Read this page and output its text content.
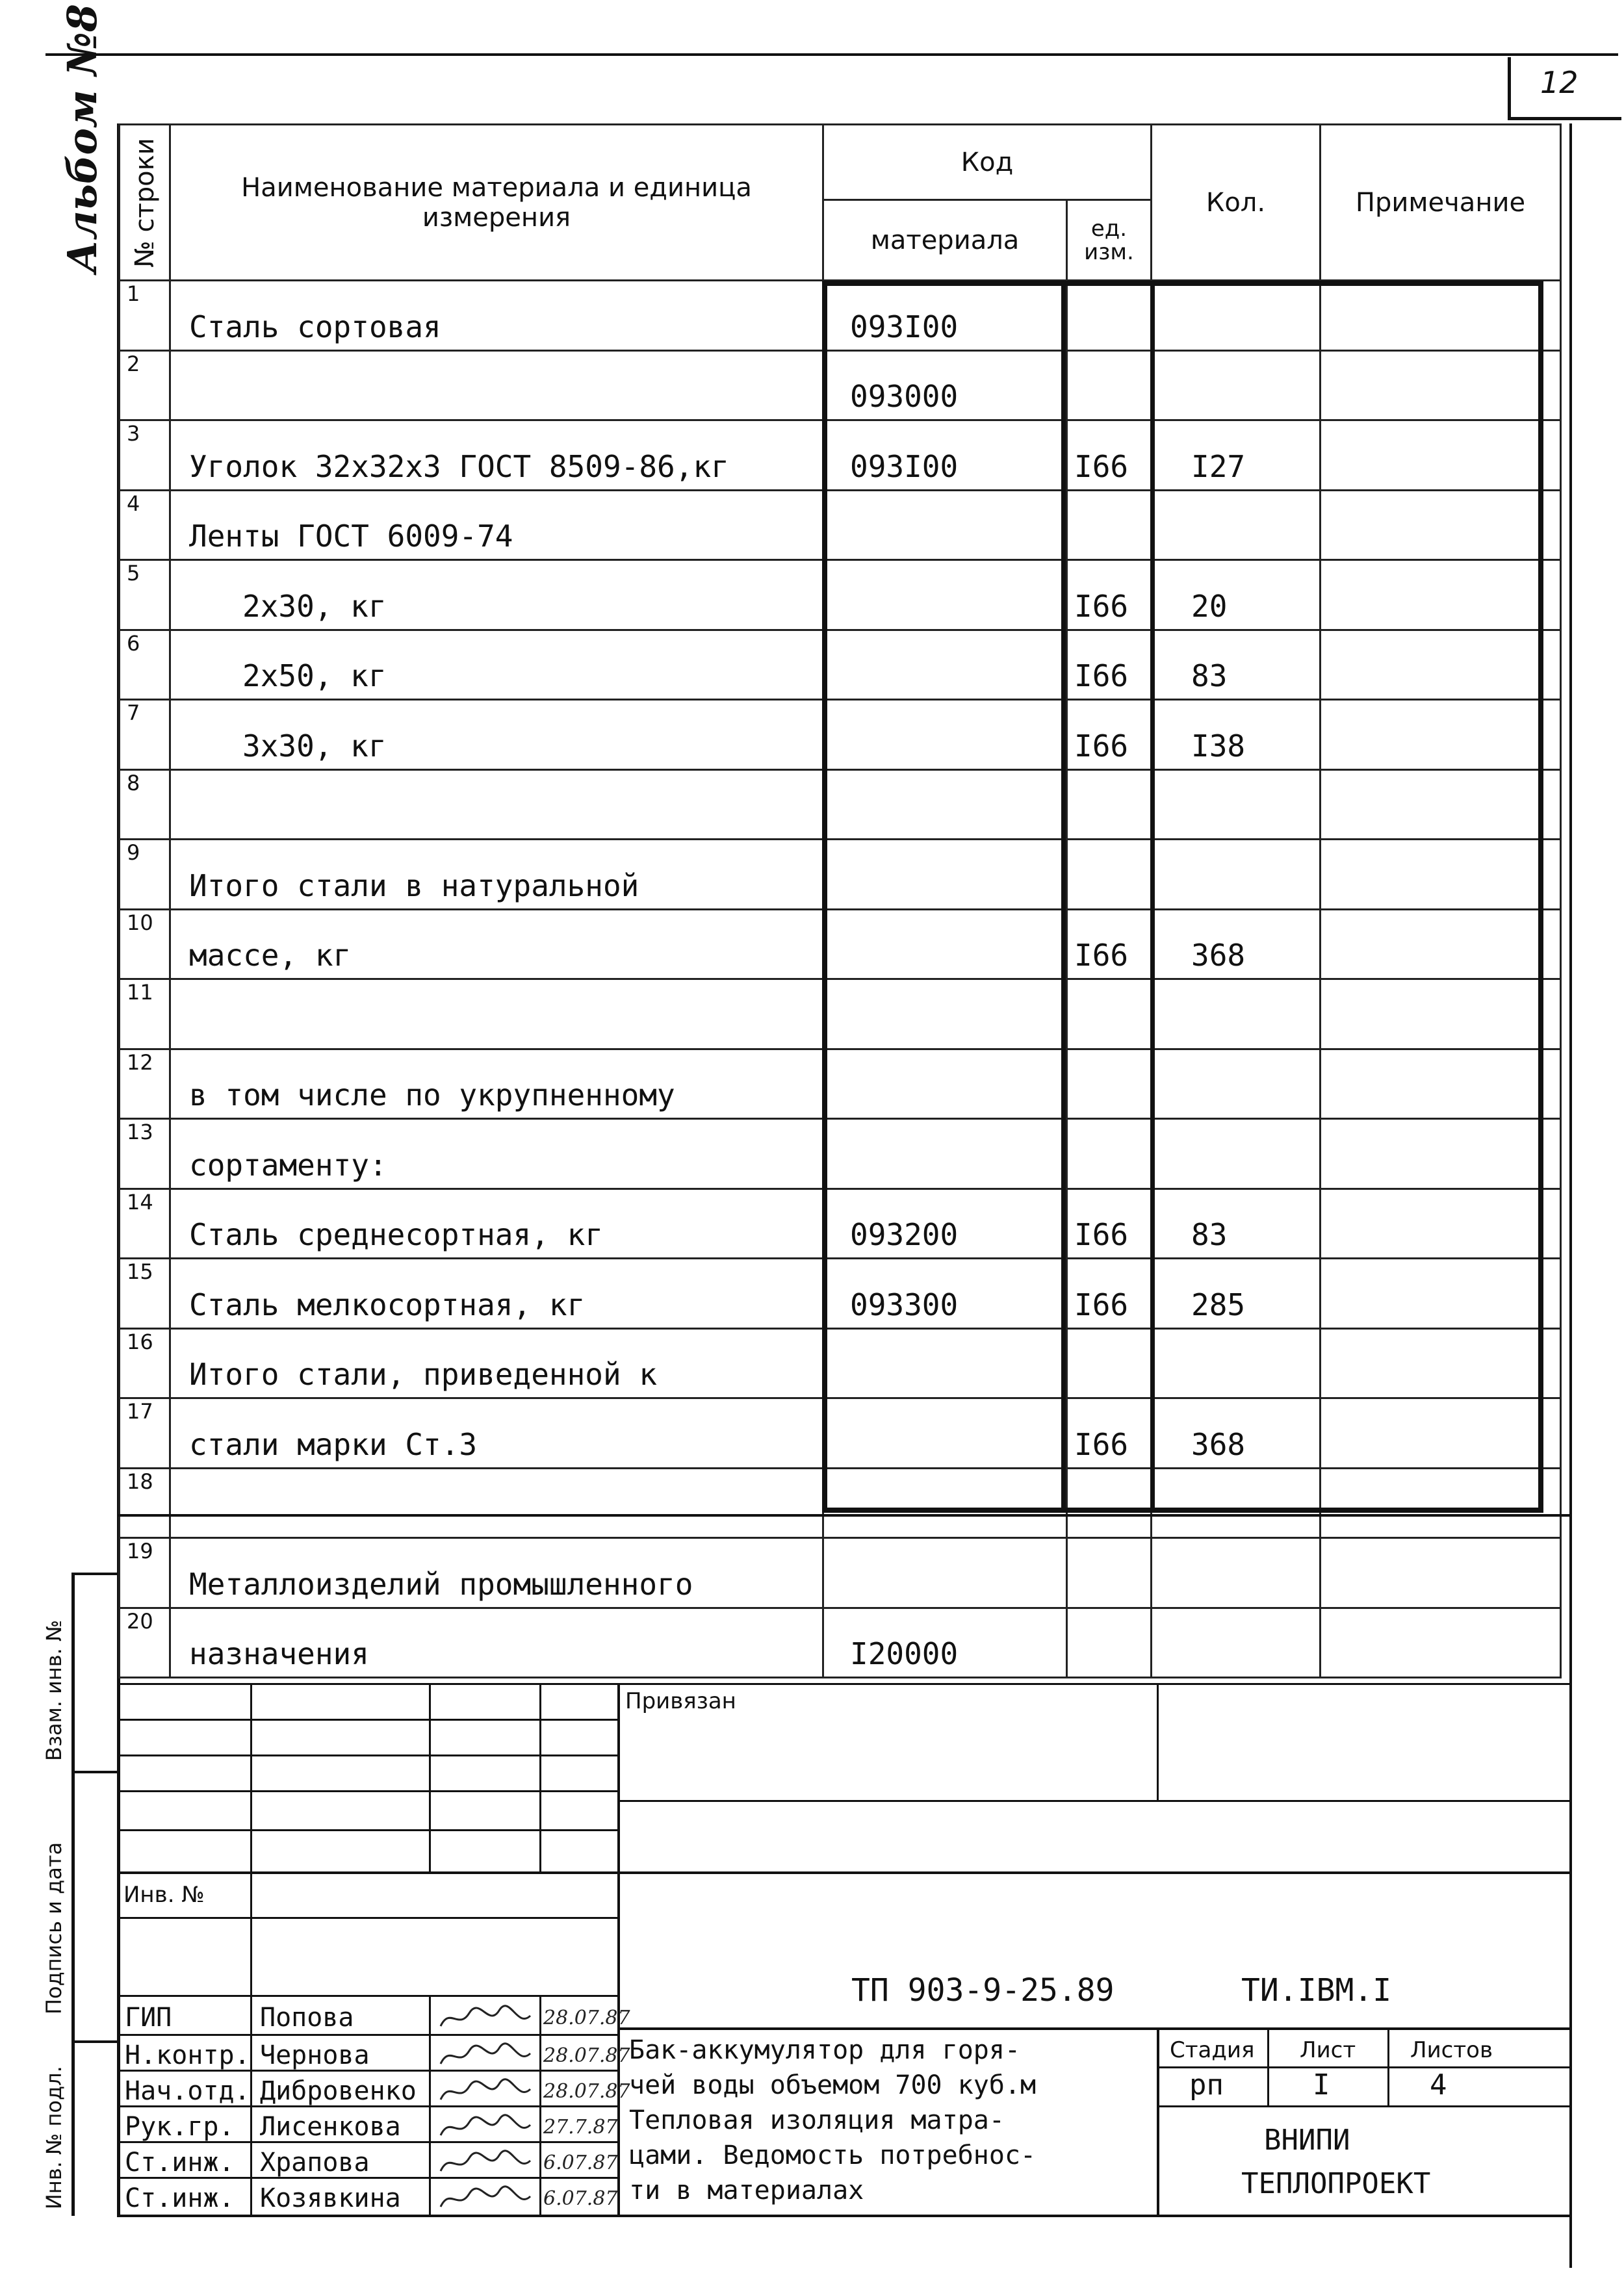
12
Альбом №8 № строки	Наименование материала и единица измерения	Код		Кол.	Примечание
		материала	ед. изм.		
1	Сталь сортовая	093I00			
2		093000			
3	Уголок 32х32х3 ГОСТ 8509-86,кг	093I00	I66	I27	
4	Ленты ГОСТ 6009-74				
5	2х30, кг		I66	20	
6	2х50, кг		I66	83	
7	3х30, кг		I66	I38	
8					
9	Итого стали в натуральной				
10	массе, кг		I66	368	
11					
12	в том числе по укрупненному				
13	сортаменту:				
14	Сталь среднесортная, кг	093200	I66	83	
15	Сталь мелкосортная, кг	093300	I66	285	
16	Итого стали, приведенной к				
17	стали марки Ст.3		I66	368	
18					
19	Металлоизделий промышленного				
20	назначения	I20000			
Взам. инв. №
Подпись и дата
Инв. № подл.
Привязан
Инв. №
ТП 903-9-25.89	ТИ.IВМ.I
Бак-аккумулятор для горя-
чей воды объемом 700 куб.м
Тепловая изоляция матра-
цами. Ведомость потребнос-
ти в материалах
Стадия Лист Листов
рп	I	4
ВНИПИ
ТЕПЛОПРОЕКТ
ГИП	Попова	28.07.87
Н.контр. Чернова	28.07.87
Нач.отд. Дибровенко	28.07.87
Рук.гр. Лисенкова	27.7.87
Ст.инж. Храпова	6.07.87
Ст.инж. Козявкина	6.07.87
